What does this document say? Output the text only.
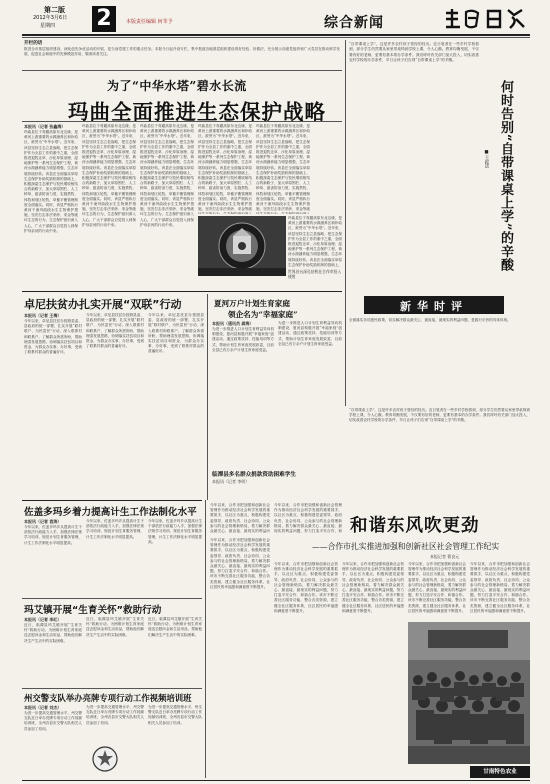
第二版
2012年3月6日
星期四 2	本版责任编辑 何莘予	综合新闻
开栏的话
推进全市基层组织建设，深化创先争优活动的开展，是当前党建工作的重点任务。本报今日起开设专栏，集中报道各地基层组织建设的好经验、好做法，充分展示各级党组织和广大党员在推动科学发展、促进社会和谐中的先锋模范作用，敬请读者关注。
为了“中华水塔”碧水长流
玛曲全面推进生态保护战略
本报讯（记者 张鑫海）
玛曲县位于青藏高原东北边缘，是黄河上游重要的水源涵养区和补给区，被誉为“中华水塔”。近年来，该县坚持生态立县战略，把生态保护作为全县工作的重中之重，全面推进退牧还草、沙化草原治理、湿地保护等一系列生态保护工程，黄河水源涵养能力明显增强，生态环境持续好转。该县在全面落实草原生态保护补助奖励机制的基础上，积极探索生态保护与牧民增收相结合的新路子，加大草原围栏、人工种草、鼠害防治力度，实施禁牧、休牧和划区轮牧，草畜平衡管理制度全面落实。同时，该县严格执行黄河干流玛曲段水生生物保护措施，坚决打击非法采砂、采金等破坏生态的行为，生态保护意识深入人心，广大干部群众自觉投入到保护母亲河的行动中来。
玛曲县位于青藏高原东北边缘，是黄河上游重要的水源涵养区和补给区，被誉为“中华水塔”。近年来，该县坚持生态立县战略，把生态保护作为全县工作的重中之重，全面推进退牧还草、沙化草原治理、湿地保护等一系列生态保护工程，黄河水源涵养能力明显增强，生态环境持续好转。该县在全面落实草原生态保护补助奖励机制的基础上，积极探索生态保护与牧民增收相结合的新路子，加大草原围栏、人工种草、鼠害防治力度，实施禁牧、休牧和划区轮牧，草畜平衡管理制度全面落实。同时，该县严格执行黄河干流玛曲段水生生物保护措施，坚决打击非法采砂、采金等破坏生态的行为，生态保护意识深入人心，广大干部群众自觉投入到保护母亲河的行动中来。
玛曲县位于青藏高原东北边缘，是黄河上游重要的水源涵养区和补给区，被誉为“中华水塔”。近年来，该县坚持生态立县战略，把生态保护作为全县工作的重中之重，全面推进退牧还草、沙化草原治理、湿地保护等一系列生态保护工程，黄河水源涵养能力明显增强，生态环境持续好转。该县在全面落实草原生态保护补助奖励机制的基础上，积极探索生态保护与牧民增收相结合的新路子，加大草原围栏、人工种草、鼠害防治力度，实施禁牧、休牧和划区轮牧，草畜平衡管理制度全面落实。同时，该县严格执行黄河干流玛曲段水生生物保护措施，坚决打击非法采砂、采金等破坏生态的行为，生态保护意识深入人心，广大干部群众自觉投入到保护母亲河的行动中来。
玛曲县位于青藏高原东北边缘，是黄河上游重要的水源涵养区和补给区，被誉为“中华水塔”。近年来，该县坚持生态立县战略，把生态保护作为全县工作的重中之重，全面推进退牧还草、沙化草原治理、湿地保护等一系列生态保护工程，黄河水源涵养能力明显增强，生态环境持续好转。该县在全面落实草原生态保护补助奖励机制的基础上，积极探索生态保护与牧民增收相结合的新路子，加大草原围栏、人工种草、鼠害防治力度，实施禁牧、休牧和划区轮牧，草畜平衡管理制度全面落实。同时，该县严格执行黄河干流玛曲段水生生物保护措施，坚决打击非法采砂、采金等破
玛曲县位于青藏高原东北边缘，是黄河上游重要的水源涵养区和补给区，被誉为“中华水塔”。近年来，该县坚持生态立县战略，把生态保护作为全县工作的重中之重，全面推进退牧还草、沙化草原治理、湿地保护等一系列生态保护工程，黄河水源涵养能力明显增强，生态环境持续好转。该县在全面落实草原生态保护补助奖励机制的基础上，积极探索生态保护与牧民增收相结合的新路子，加大草原围栏、人工种草、鼠害防治力度，实施禁牧、休牧和划区轮牧，草畜平衡管理制度全面落实。同时，该县严格执行黄河干流玛曲段水生生物保护措施，坚决打击非法采砂、采金等破
世界首台深孔钻机在合作市投入使用
玛曲县位于青藏高原东北边缘，是黄河上游重要的水源涵养区和补给区，被誉为“中华水塔”。近年来，该县坚持生态立县战略，把生态保护作为全县工作的重中之重，全面推进退牧还草、沙化草原治理、湿地保护等一系列生态保护工程，黄河水源涵养能力明显增强，生态环境持续好转。该县在全面落实草原生态保护补助奖励机制的基础上，
“自带课桌上学”，这是许多农村孩子曾经的经历。近日笔者在一些乡村学校看到，部分学生仍然要从家里带桌椅到学校上课，令人心酸。教育均衡发展，不仅要有好的老师，更要有基本的办学条件。我们呼吁有关部门加大投入，切实改善农村学校的办学条件，早日让孩子们告别“自带课桌上学”的辛酸。
何时告别“自带课桌上学”的辛酸
■王政法
新华时评
全面落实各项惠民政策，切实解决群众最关心、最直接、最现实的利益问题，是践行宗旨的具体体现。
卓尼扶贫办扎实开展“双联”行动
本报讯（记者 王梅）
今年以来，卓尼县扶贫办按照县委、县政府的统一部署，扎实开展“联村联户、为民富民”行动，深入联系村和联系户，了解群众所需所盼，帮助理清发展思路，协调落实扶贫项目和资金，为群众办实事、办好事，受到了联系村群众的普遍好评。
今年以来，卓尼县扶贫办按照县委、县政府的统一部署，扎实开展“联村联户、为民富民”行动，深入联系村和联系户，了解群众所需所盼，帮助理清发展思路，协调落实扶贫项目和资金，为群众办实事、办好事，受到了联系村群众的普遍好评。
今年以来，卓尼县扶贫办按照县委、县政府的统一部署，扎实开展“联村联户、为民富民”行动，深入联系村和联系户，了解群众所需所盼，帮助理清发展思路，协调落实扶贫项目和资金，为群众办实事、办好事，受到了联系村群众的普遍好评。
夏河万户计划生育家庭
领企名为“幸福家庭”
本报讯（通讯员 龚海）
为进一步推进人口计划生育利益导向机制建设，夏河县积极开展“幸福家庭”创建活动，通过政策扶持、技能培训等方式，帮助计划生育家庭发展致富，目前全县已有万余户计划生育家庭受益。
为进一步推进人口计划生育利益导向机制建设，夏河县积极开展“幸福家庭”创建活动，通过政策扶持、技能培训等方式，帮助计划生育家庭发展致富，目前全县已有万余户计划生育家庭受益。
临潭县多名群众捐款资助困难学生
本报讯（记者 李明）
“自带课桌上学”，这是许多农村孩子曾经的经历。近日笔者在一些乡村学校看到，部分学生仍然要从家里带桌椅到学校上课，令人心酸。教育均衡发展，不仅要有好的老师，更要有基本的办学条件。我们呼吁有关部门加大投入，切实改善农村学校的办学条件，早日让孩子们告别“自带课桌上学”的辛酸。
佐盖多玛乡着力提高计生工作法制化水平
本报讯（记者 袁涛）
今年以来，佐盖多玛乡从提高计生干部依法行政能力入手，加强法律法规学习培训，规范计划生育服务管理，计生工作法制化水平明显提高。
今年以来，佐盖多玛乡从提高计生干部依法行政能力入手，加强法律法规学习培训，规范计划生育服务管理，计生工作法制化水平明显提高。
今年以来，佐盖多玛乡从提高计生干部依法行政能力入手，加强法律法规学习培训，规范计划生育服务管理，计生工作法制化水平明显提高。
玛艾镇开展“生育关怀”救助行动
本报讯（记者 李红）
近日，临潭县玛艾镇开展“生育关怀”救助行动，为困难计划生育家庭送去慰问金和生活用品，帮助他们解决生产生活中的实际困难。
近日，临潭县玛艾镇开展“生育关怀”救助行动，为困难计划生育家庭送去慰问金和生活用品，帮助他们解决生产生活中的实际困难。
近日，临潭县玛艾镇开展“生育关怀”救助行动，为困难计划生育家庭送去慰问金和生活用品，帮助他们解决生产生活中的实际困难。
州交警支队举办亮牌专项行动工作视频培训班
本报讯（记者 刘杰）
为进一步提高交通管理水平，州交警支队近日举办亮牌专项行动工作视频培训班，全州各县市交警大队相关人员参加了培训。
为进一步提高交通管理水平，州交警支队近日举办亮牌专项行动工作视频培训班，全州各县市交警大队相关人员参加了培训。
为进一步提高交通管理水平，州交警支队近日举办亮牌专项行动工作视频培训班，全州各县市交警大队相关人员参加了培训。
今年以来，合作市把加强和创新社会管理作为推动经济社会科学发展的重要抓手，以社区为重点，积极构建党委领导、政府负责、社会协同、公众参与的社会管理新格局，着力解决群众最关心、最直接、最现实的利益问
今年以来，合作市把加强和创新社会管理作为推动经济社会科学发展的重要抓手，以社区为重点，积极构建党委领导、政府负责、社会协同、公众参与的社会管理新格局，着力解决群众最关心、最直接、最现实的利益问题，努力打造平安合作、和 和谐东风吹更劲
——合作市扎实推进加强和创新社区社会管理工作纪实
本报记者 曹良元
今年以来，合作市把加强和创新社会管理作为推动经济社会科学发展的重要抓手，以社区为重点，积极构建党委领导、政府负责、社会协同、公众参与的社会管理新格局，着力解决群众最关心、最直接、最现实的利益问题，努力打造平安合作、和谐合作。该市不断完善社区服务功能，整合各类资源，建立健全社区服务体系，社区居民的幸福感和满意度不断提升。
今年以来，合作市把加强和创新社会管理作为推动经济社会科学发展的重要抓手，以社区为重点，积极构建党委领导、政府负责、社会协同、公众参与的社会管理新格局，着力解决群众最关心、最直接、最现实的利益问题，努力打造平安合作、和谐合作。该市不断完善社区服务功能，整合各类资源，建立健全社区服务体系，社区居民的幸福感和满意度不断提升。
今年以来，合作市把加强和创新社会管理作为推动经济社会科学发展的重要抓手，以社区为重点，积极构建党委领导、政府负责、社会协同、公众参与的社会管理新格局，着力解决群众最关心、最直接、最现实的利益问题，努力打造平安合作、和谐合作。该市不断完善社区服务功能，整合各类资源，建立健全社区服务体系，社区居民的幸福感和满意度不断提升。
今年以来，合作市把加强和创新社会管理作为推动经济社会科学发展的重要抓手，以社区为重点，积极构建党委领导、政府负责、社会协同、公众参与的社会管理新格局，着力解决群众最关心、最直接、最现实的利益问题，努力打造平安合作、和谐合作。该市不断完善社区服务功能，整合各类资源，建立健全社区服务体系，社区居民的幸福感和满意度不断提升。
今年以来，合作市把加强和创新社会管理作为推动经济社会科学发展的重要抓手，以社区为重点，积极构建党委领导、政府负责、社会协同、公众参与的社会管理新格局，着力解决群众最关心、最直接、最现实的利益问题，努力打造平安合作、和谐合作。该市不断完善社区服务功能，整合各类资源，建立健全社区服务体系，社区居民的幸福感和满意度不断提升。
甘南特色农业
